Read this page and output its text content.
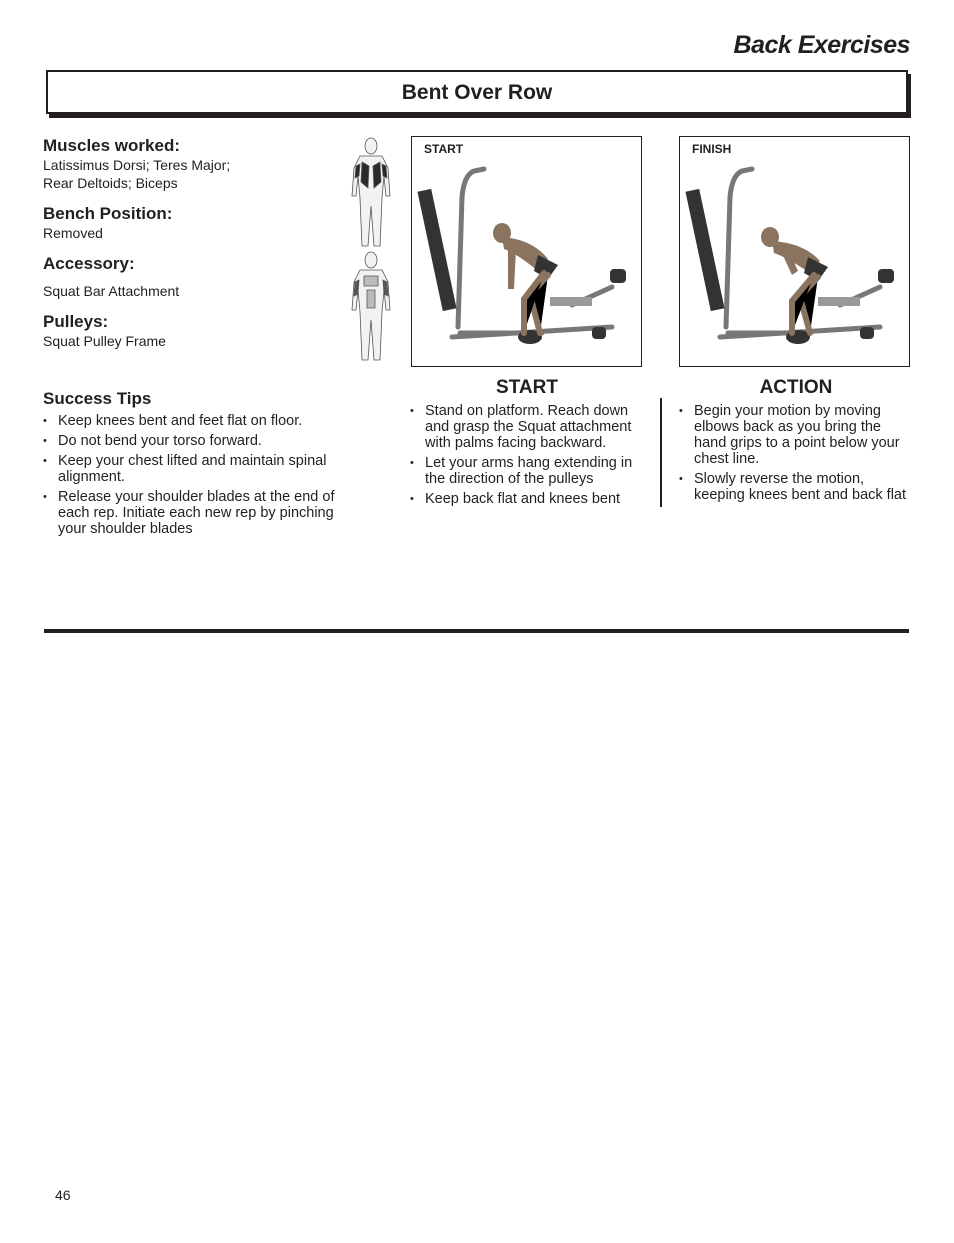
Back Exercises
Bent Over Row

Muscles worked:

Latissimus Dorsi; Teres Major;

Rear Deltoids; Biceps

Bench Position:

Removed

Accessory:

Squat Bar Attachment

Pulleys:

Squat Pulley Frame

START	FINISH

Success Tips

• Keep knees bent and feet flat on floor.
• Do not bend your torso forward.
• Keep your chest lifted and maintain spinal alignment.
• Release your shoulder blades at the end of each rep. Initiate each new rep by pinching your shoulder blades
START
• Stand on platform. Reach down and grasp the Squat attachment with palms facing backward.
• Let your arms hang extending in the direction of the pulleys
• Keep back flat and knees bent
ACTION
• Begin your motion by moving elbows back as you bring the hand grips to a point below your chest line.
• Slowly reverse the motion, keeping knees bent and back flat
46
